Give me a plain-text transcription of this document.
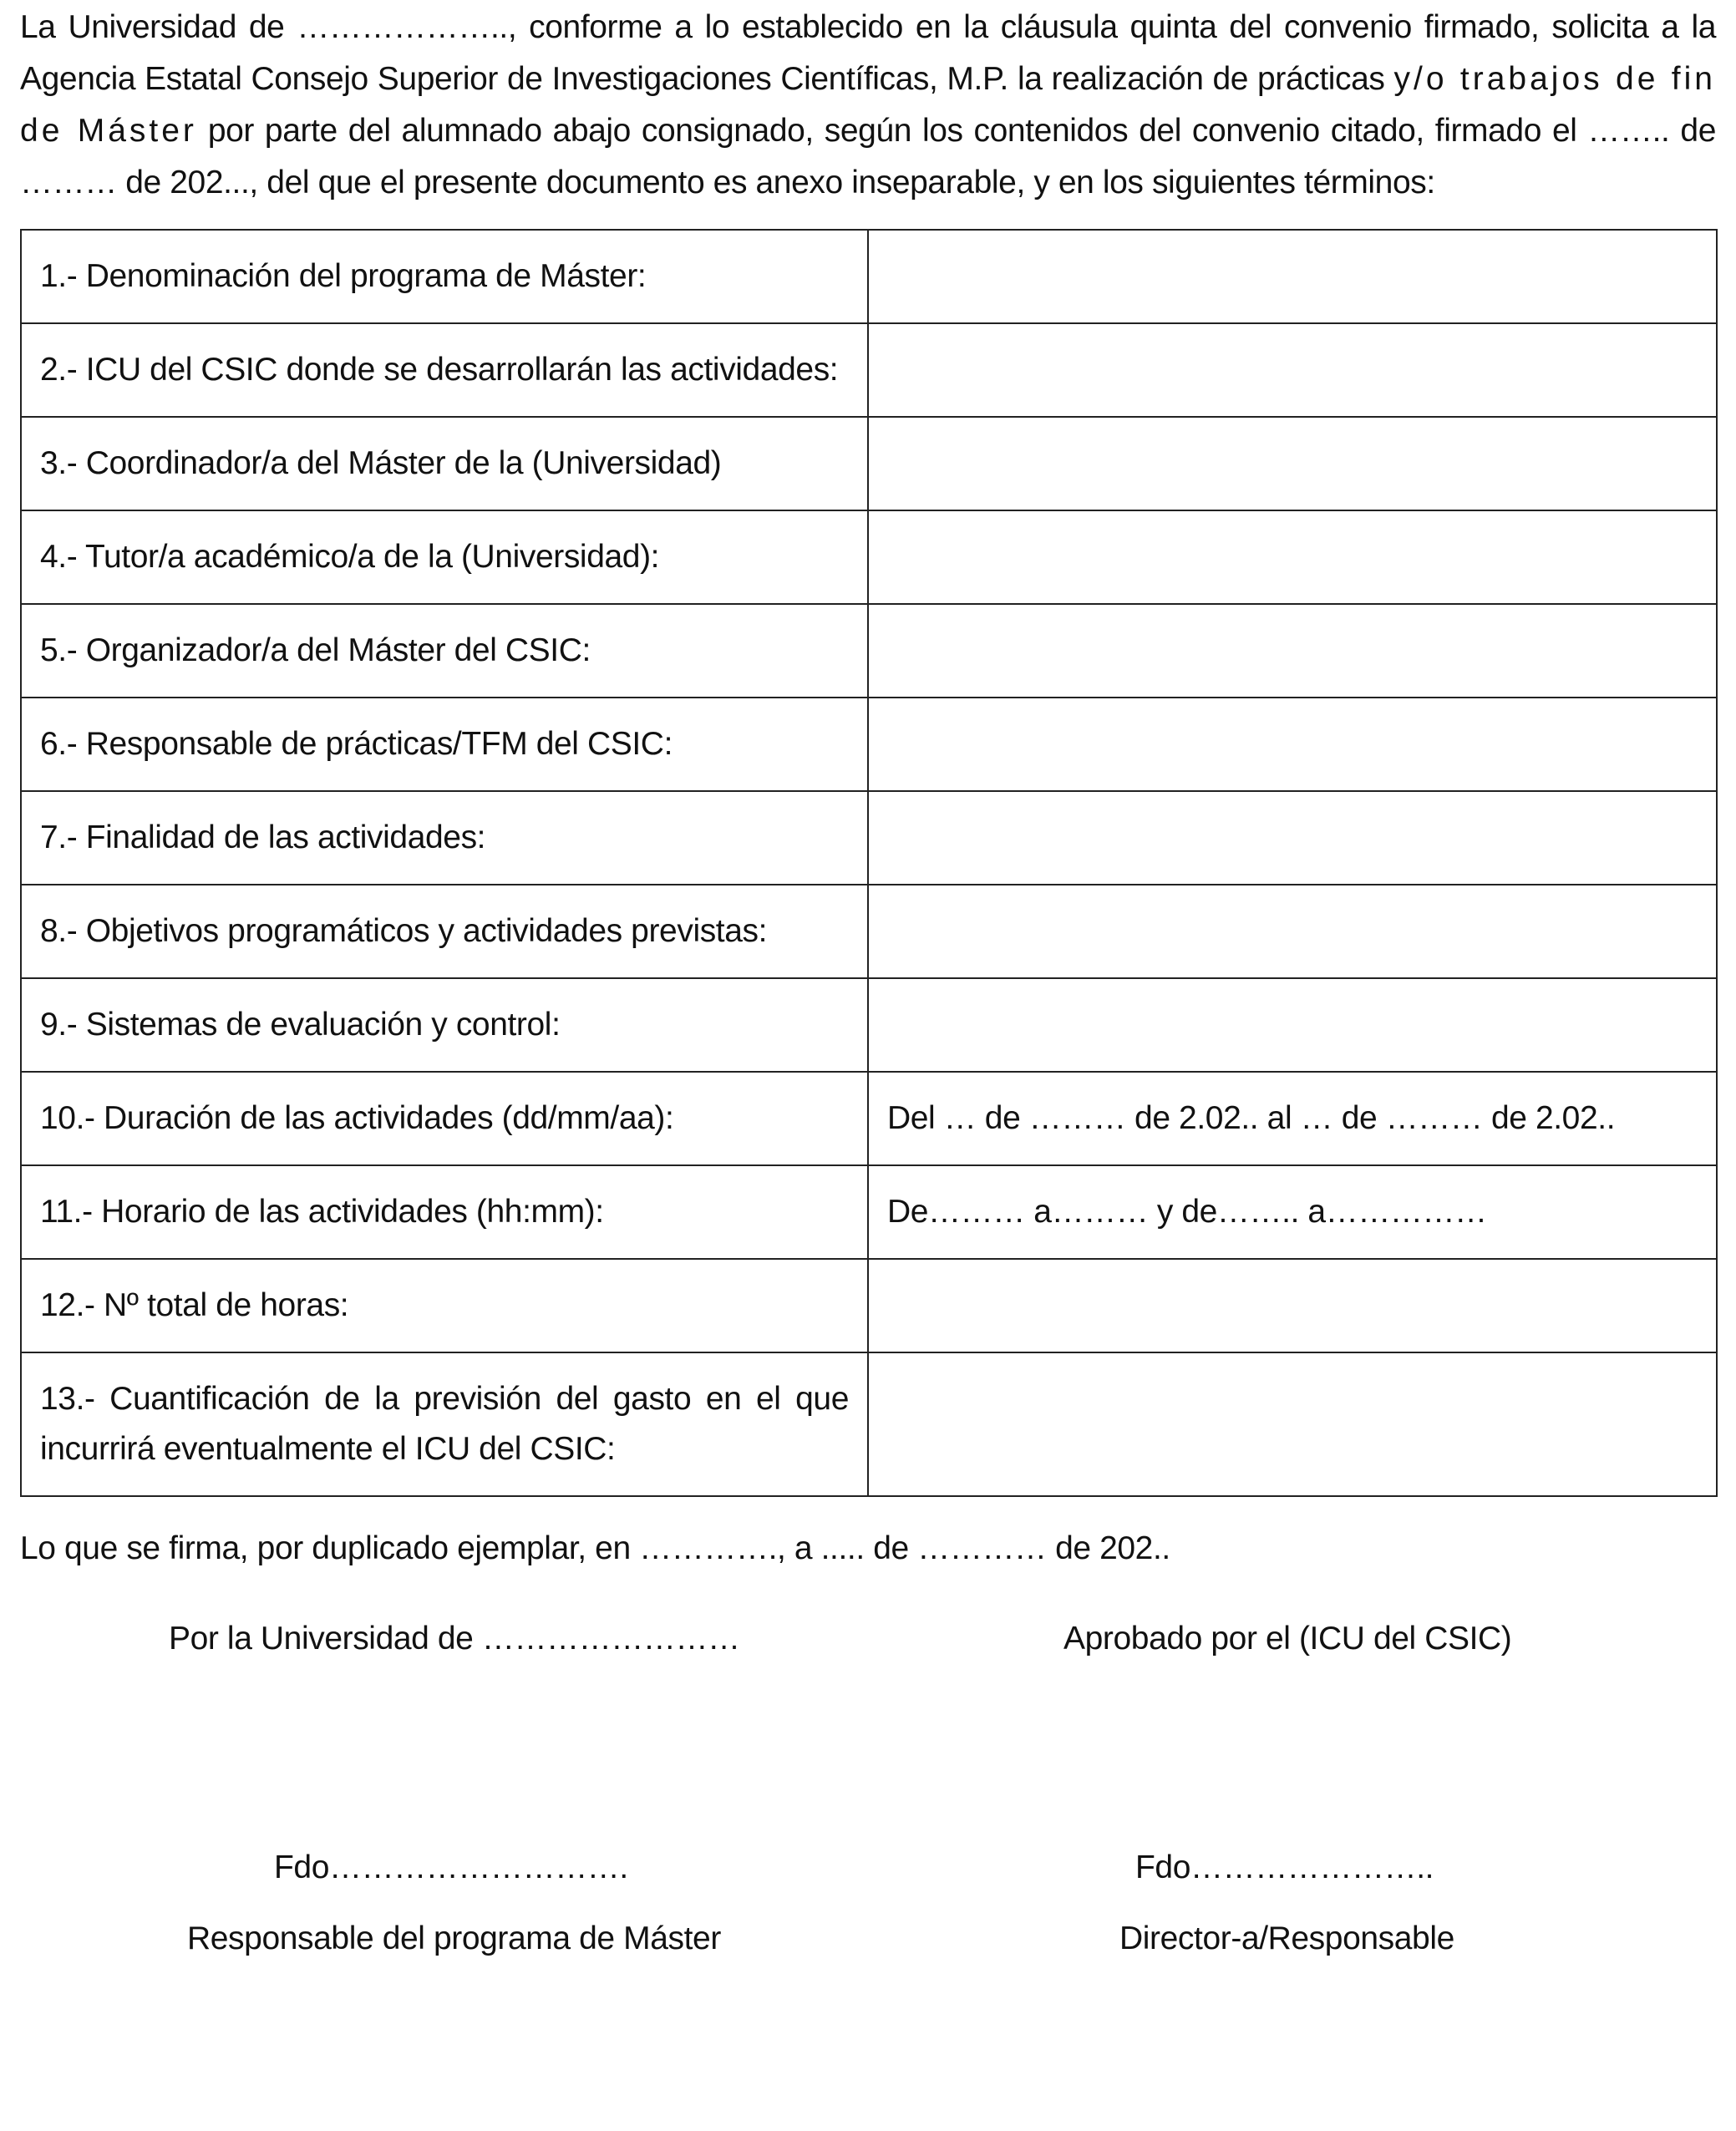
La Universidad de ……………….., conforme a lo establecido en la cláusula quinta del convenio firmado, solicita a la Agencia Estatal Consejo Superior de Investigaciones Científicas, M.P. la realización de prácticas y/o trabajos de fin de Máster por parte del alumnado abajo consignado, según los contenidos del convenio citado, firmado el …….. de ……… de 202..., del que el presente documento es anexo inseparable, y en los siguientes términos:

1.- Denominación del programa de Máster:	
2.- ICU del CSIC donde se desarrollarán las actividades:	
3.- Coordinador/a del Máster de la (Universidad)	
4.- Tutor/a académico/a de la (Universidad):	
5.- Organizador/a del Máster del CSIC:	
6.- Responsable de prácticas/TFM del CSIC:	
7.- Finalidad de las actividades:	
8.- Objetivos programáticos y actividades previstas:	
9.- Sistemas de evaluación y control:	
10.- Duración de las actividades (dd/mm/aa):	Del … de ……… de 2.02.. al … de ……… de 2.02..
11.- Horario de las actividades (hh:mm):	De……… a……… y de…….. a……………
12.- Nº total de horas:	
13.- Cuantificación de la previsión del gasto en el que incurrirá eventualmente el ICU del CSIC:	
Lo que se firma, por duplicado ejemplar, en …………., a ..... de ………… de 202..
Por la Universidad de ……………………	Aprobado por el (ICU del CSIC)
Fdo……………………….	Fdo…………………..
Responsable del programa de Máster	Director-a/Responsable
